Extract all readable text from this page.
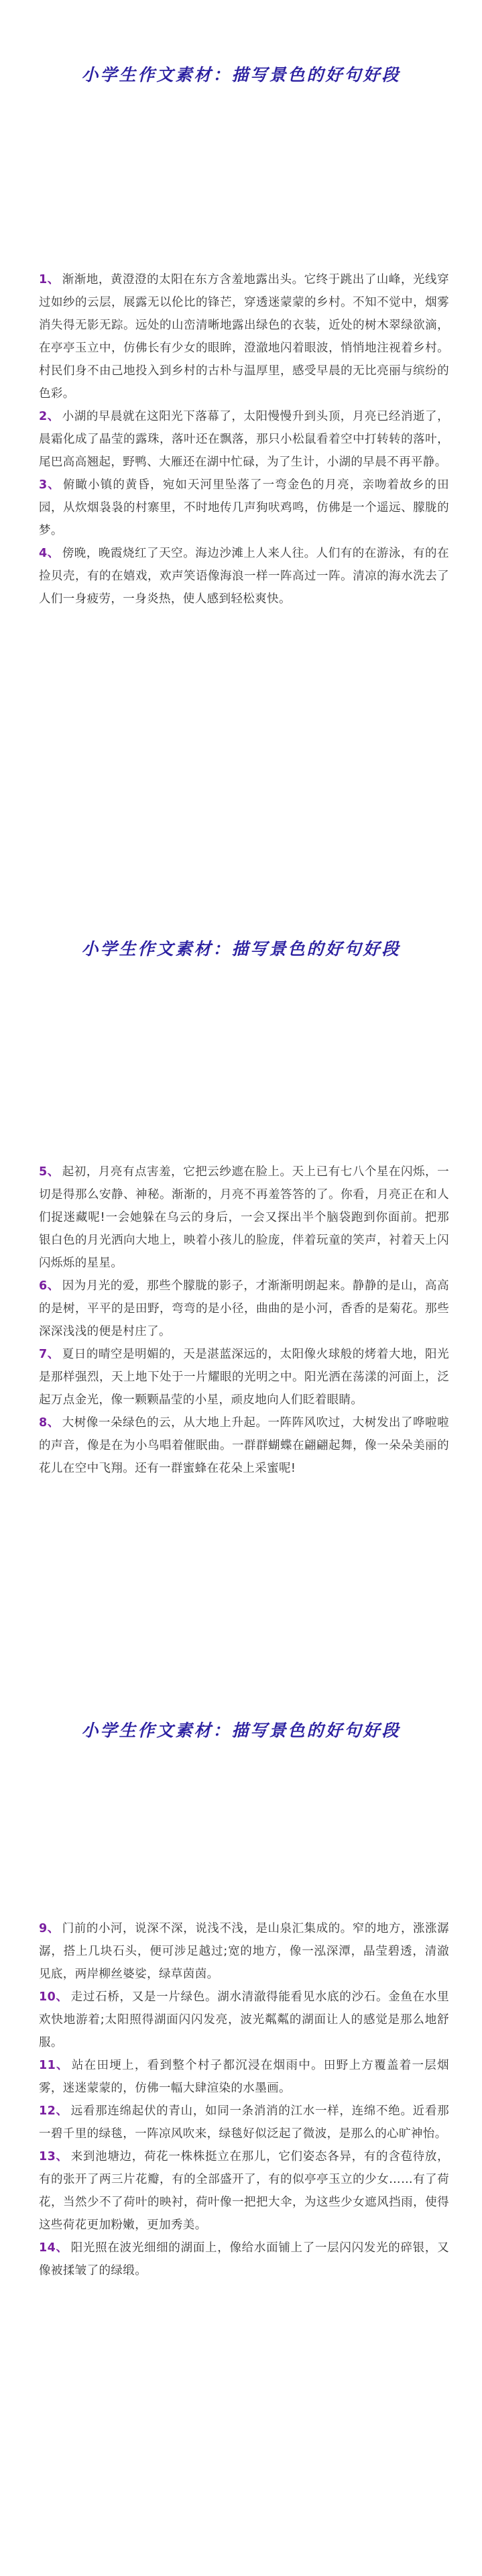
小学生作文素材：描写景色的好句好段

1、 渐渐地，黄澄澄的太阳在东方含羞地露出头。它终于跳出了山峰，光线穿过如纱的云层，展露无以伦比的锋芒，穿透迷蒙蒙的乡村。不知不觉中，烟雾消失得无影无踪。远处的山峦清晰地露出绿色的衣装，近处的树木翠绿欲滴，在亭亭玉立中，仿佛长有少女的眼眸，澄澈地闪着眼波，悄悄地注视着乡村。村民们身不由己地投入到乡村的古朴与温厚里，感受早晨的无比亮丽与缤纷的色彩。

2、 小湖的早晨就在这阳光下落幕了，太阳慢慢升到头顶，月亮已经消逝了，晨霜化成了晶莹的露珠，落叶还在飘落，那只小松鼠看着空中打转转的落叶，尾巴高高翘起，野鸭、大雁还在湖中忙碌，为了生计，小湖的早晨不再平静。

3、 俯瞰小镇的黄昏，宛如天河里坠落了一弯金色的月亮，亲吻着故乡的田园，从炊烟袅袅的村寨里，不时地传几声狗吠鸡鸣，仿佛是一个遥远、朦胧的梦。

4、 傍晚，晚霞烧红了天空。海边沙滩上人来人往。人们有的在游泳，有的在捡贝壳，有的在嬉戏，欢声笑语像海浪一样一阵高过一阵。清凉的海水洗去了人们一身疲劳，一身炎热，使人感到轻松爽快。

小学生作文素材：描写景色的好句好段

5、 起初，月亮有点害羞，它把云纱遮在脸上。天上已有七八个星在闪烁，一切是得那么安静、神秘。渐渐的，月亮不再羞答答的了。你看，月亮正在和人们捉迷藏呢!一会她躲在乌云的身后，一会又探出半个脑袋跑到你面前。把那银白色的月光洒向大地上，映着小孩儿的脸庞，伴着玩童的笑声，衬着天上闪闪烁烁的星星。

6、 因为月光的爱，那些个朦胧的影子，才渐渐明朗起来。静静的是山，高高的是树，平平的是田野，弯弯的是小径，曲曲的是小河，香香的是菊花。那些深深浅浅的便是村庄了。

7、 夏日的晴空是明媚的，天是湛蓝深远的，太阳像火球般的烤着大地，阳光是那样强烈，天上地下处于一片耀眼的光明之中。阳光洒在荡漾的河面上，泛起万点金光，像一颗颗晶莹的小星，顽皮地向人们眨着眼睛。

8、 大树像一朵绿色的云，从大地上升起。一阵阵风吹过，大树发出了哗啦啦的声音，像是在为小鸟唱着催眠曲。一群群蝴蝶在翩翩起舞，像一朵朵美丽的花儿在空中飞翔。还有一群蜜蜂在花朵上采蜜呢!

小学生作文素材：描写景色的好句好段

9、 门前的小河，说深不深，说浅不浅，是山泉汇集成的。窄的地方，涨涨潺潺，搭上几块石头，便可涉足越过;宽的地方，像一泓深潭，晶莹碧透，清澈见底，两岸柳丝婆娑，绿草茵茵。

10、 走过石桥，又是一片绿色。湖水清澈得能看见水底的沙石。金鱼在水里欢快地游着;太阳照得湖面闪闪发亮，波光粼粼的湖面让人的感觉是那么地舒服。

11、 站在田埂上，看到整个村子都沉浸在烟雨中。田野上方覆盖着一层烟雾，迷迷蒙蒙的，仿佛一幅大肆渲染的水墨画。

12、 远看那连绵起伏的青山，如同一条消消的江水一样，连绵不绝。近看那一碧千里的绿毯，一阵凉风吹来，绿毯好似泛起了微波，是那么的心旷神怡。

13、 来到池塘边，荷花一株株挺立在那儿，它们姿态各异，有的含苞待放，有的张开了两三片花瓣，有的全部盛开了，有的似亭亭玉立的少女……有了荷花，当然少不了荷叶的映衬，荷叶像一把把大伞，为这些少女遮风挡雨，使得这些荷花更加粉嫩，更加秀美。

14、 阳光照在波光细细的湖面上，像给水面铺上了一层闪闪发光的碎银，又像被揉皱了的绿缎。
